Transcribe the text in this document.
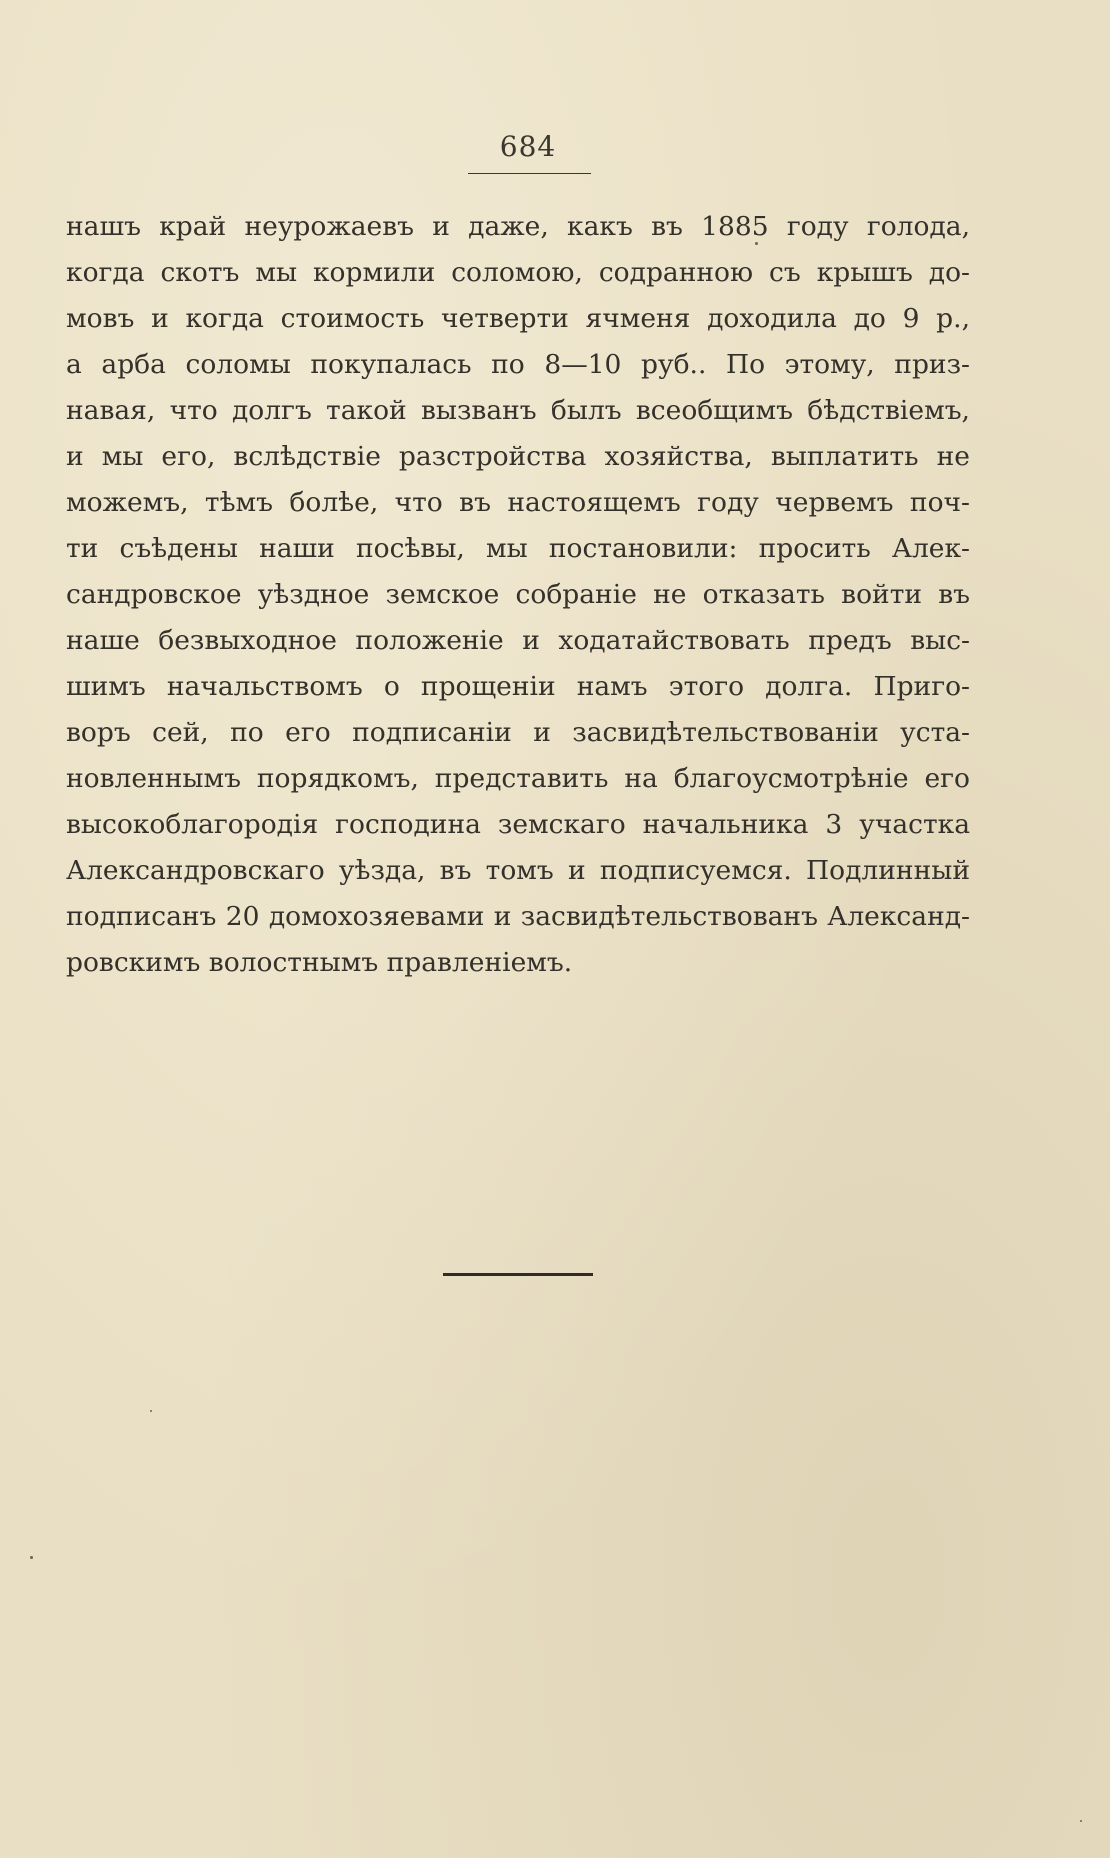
684
нашъ край неурожаевъ и даже, какъ въ 1885 году голода,
когда скотъ мы кормили соломою, содранною съ крышъ до-
мовъ и когда стоимость четверти ячменя доходила до 9 р.,
а арба соломы покупалась по 8—10 руб.. По этому, приз-
навая, что долгъ такой вызванъ былъ всеобщимъ бѣдствіемъ,
и мы его, вслѣдствіе разстройства хозяйства, выплатить не
можемъ, тѣмъ болѣе, что въ настоящемъ году червемъ поч-
ти съѣдены наши посѣвы, мы постановили: просить Алек-
сандровское уѣздное земское собраніе не отказать войти въ
наше безвыходное положеніе и ходатайствовать предъ выс-
шимъ начальствомъ о прощеніи намъ этого долга. Приго-
воръ сей, по его подписаніи и засвидѣтельствованіи уста-
новленнымъ порядкомъ, представить на благоусмотрѣніе его
высокоблагородія господина земскаго начальника 3 участка
Александровскаго уѣзда, въ томъ и подписуемся. Подлинный
подписанъ 20 домохозяевами и засвидѣтельствованъ Александ-
ровскимъ волостнымъ правленіемъ.
